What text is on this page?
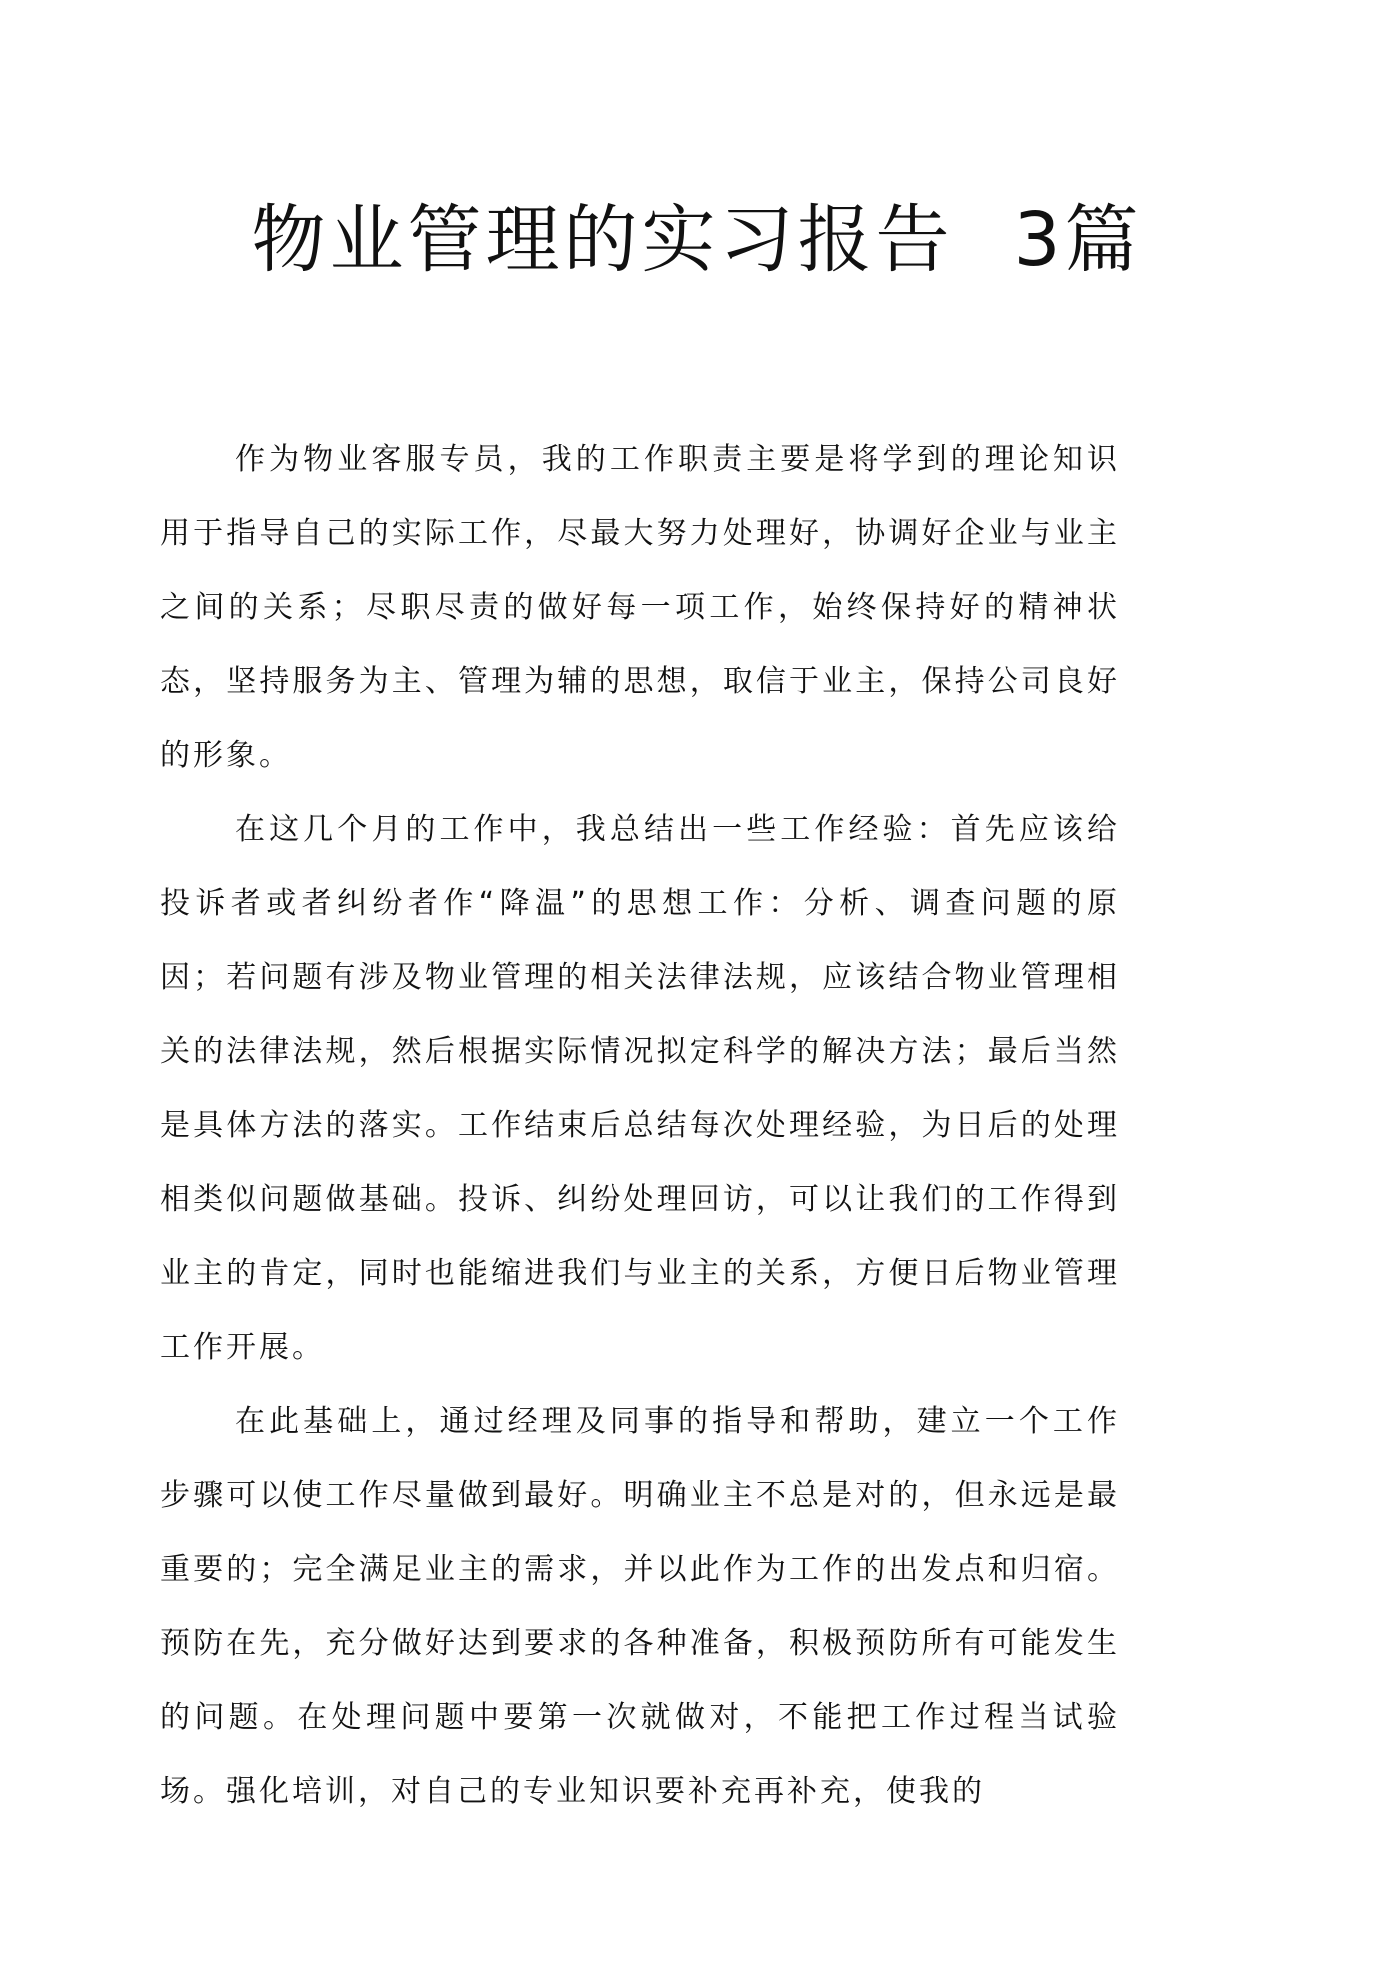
物业管理的实习报告 3篇

作为物业客服专员，我的工作职责主要是将学到的理论知识用于指导自己的实际工作，尽最大努力处理好，协调好企业与业主之间的关系；尽职尽责的做好每一项工作，始终保持好的精神状态，坚持服务为主、管理为辅的思想，取信于业主，保持公司良好的形象。

在这几个月的工作中，我总结出一些工作经验：首先应该给投诉者或者纠纷者作“降温”的思想工作：分析、调查问题的原因；若问题有涉及物业管理的相关法律法规，应该结合物业管理相关的法律法规，然后根据实际情况拟定科学的解决方法；最后当然是具体方法的落实。工作结束后总结每次处理经验，为日后的处理相类似问题做基础。投诉、纠纷处理回访，可以让我们的工作得到业主的肯定，同时也能缩进我们与业主的关系，方便日后物业管理工作开展。

在此基础上，通过经理及同事的指导和帮助，建立一个工作步骤可以使工作尽量做到最好。明确业主不总是对的，但永远是最重要的；完全满足业主的需求，并以此作为工作的出发点和归宿。预防在先，充分做好达到要求的各种准备，积极预防所有可能发生的问题。在处理问题中要第一次就做对，不能把工作过程当试验场。强化培训，对自己的专业知识要补充再补充，使我的
